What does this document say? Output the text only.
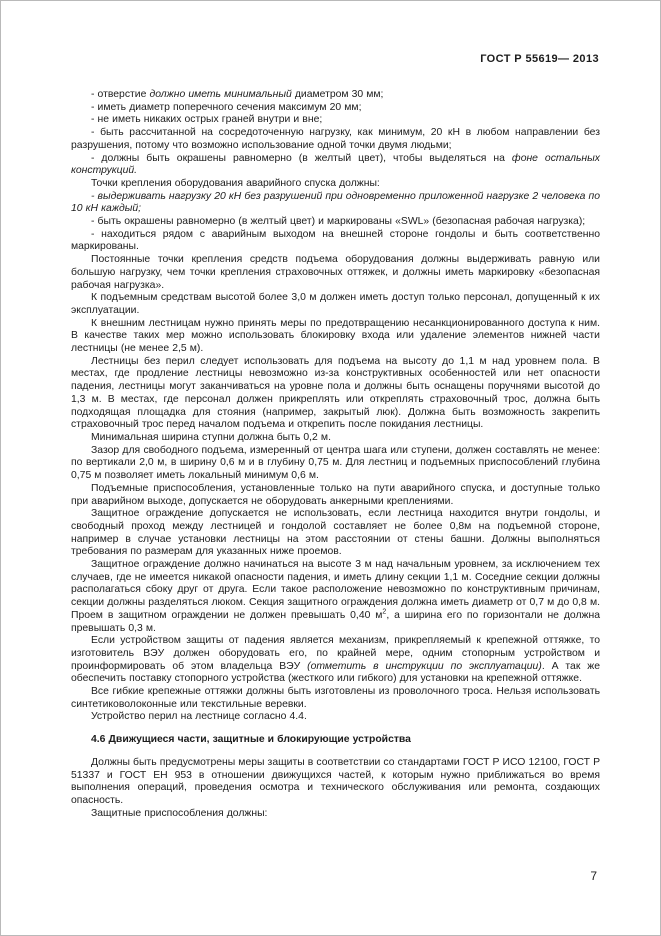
ГОСТ Р 55619— 2013

- отверстие должно иметь минимальный диаметром 30 мм;

- иметь диаметр поперечного сечения максимум 20 мм;

- не иметь никаких острых граней внутри и вне;

- быть рассчитанной на сосредоточенную нагрузку, как минимум, 20 кН в любом направлении без разрушения, потому что возможно использование одной точки двумя людьми;

- должны быть окрашены равномерно (в желтый цвет), чтобы выделяться на фоне остальных конструкций.

Точки крепления оборудования аварийного спуска должны:

- выдерживать нагрузку 20 кН без разрушений при одновременно приложенной нагрузке 2 человека по 10 кН каждый;

- быть окрашены равномерно (в желтый цвет) и маркированы «SWL» (безопасная рабочая нагрузка);

- находиться рядом с аварийным выходом на внешней стороне гондолы и быть соответственно маркированы.

Постоянные точки крепления средств подъема оборудования должны выдерживать равную или большую нагрузку, чем точки крепления страховочных оттяжек, и должны иметь маркировку «безопасная рабочая нагрузка».

К подъемным средствам высотой более 3,0 м должен иметь доступ только персонал, допущенный к их эксплуатации.

К внешним лестницам нужно принять меры по предотвращению несанкционированного доступа к ним. В качестве таких мер можно использовать блокировку входа или удаление элементов нижней части лестницы (не менее 2,5 м).

Лестницы без перил следует использовать для подъема на высоту до 1,1 м над уровнем пола. В местах, где продление лестницы невозможно из-за конструктивных особенностей или нет опасности падения, лестницы могут заканчиваться на уровне пола и должны быть оснащены поручнями высотой до 1,3 м. В местах, где персонал должен прикреплять или откреплять страховочный трос, должна быть подходящая площадка для стояния (например, закрытый люк). Должна быть возможность закрепить страховочный трос перед началом подъема и открепить после покидания лестницы.

Минимальная ширина ступни должна быть 0,2 м.

Зазор для свободного подъема, измеренный от центра шага или ступени, должен составлять не менее: по вертикали 2,0 м, в ширину 0,6 м и в глубину 0,75 м. Для лестниц и подъемных приспособлений глубина 0,75 м позволяет иметь локальный минимум 0,6 м.

Подъемные приспособления, установленные только на пути аварийного спуска, и доступные только при аварийном выходе, допускается не оборудовать анкерными креплениями.

Защитное ограждение допускается не использовать, если лестница находится внутри гондолы, и свободный проход между лестницей и гондолой составляет не более 0,8м на подъемной стороне, например в случае установки лестницы на этом расстоянии от стены башни. Должны выполняться требования по размерам для указанных ниже проемов.

Защитное ограждение должно начинаться на высоте 3 м над начальным уровнем, за исключением тех случаев, где не имеется никакой опасности падения, и иметь длину секции 1,1 м. Соседние секции должны располагаться сбоку друг от друга. Если такое расположение невозможно по конструктивным причинам, секции должны разделяться люком. Секция защитного ограждения должна иметь диаметр от 0,7 м до 0,8 м. Проем в защитном ограждении не должен превышать 0,40 $м^2$, а ширина его по горизонтали не должна превышать 0,3 м.

Если устройством защиты от падения является механизм, прикрепляемый к крепежной оттяжке, то изготовитель ВЭУ должен оборудовать его, по крайней мере, одним стопорным устройством и проинформировать об этом владельца ВЭУ (отметить в инструкции по эксплуатации). А так же обеспечить поставку стопорного устройства (жесткого или гибкого) для установки на крепежной оттяжке.

Все гибкие крепежные оттяжки должны быть изготовлены из проволочного троса. Нельзя использовать синтетиковолоконные или текстильные веревки.

Устройство перил на лестнице согласно 4.4.

4.6 Движущиеся части, защитные и блокирующие устройства

Должны быть предусмотрены меры защиты в соответствии со стандартами ГОСТ Р ИСО 12100, ГОСТ Р 51337 и ГОСТ ЕН 953 в отношении движущихся частей, к которым нужно приближаться во время выполнения операций, проведения осмотра и технического обслуживания или ремонта, создающих опасность.

Защитные приспособления должны:

7
